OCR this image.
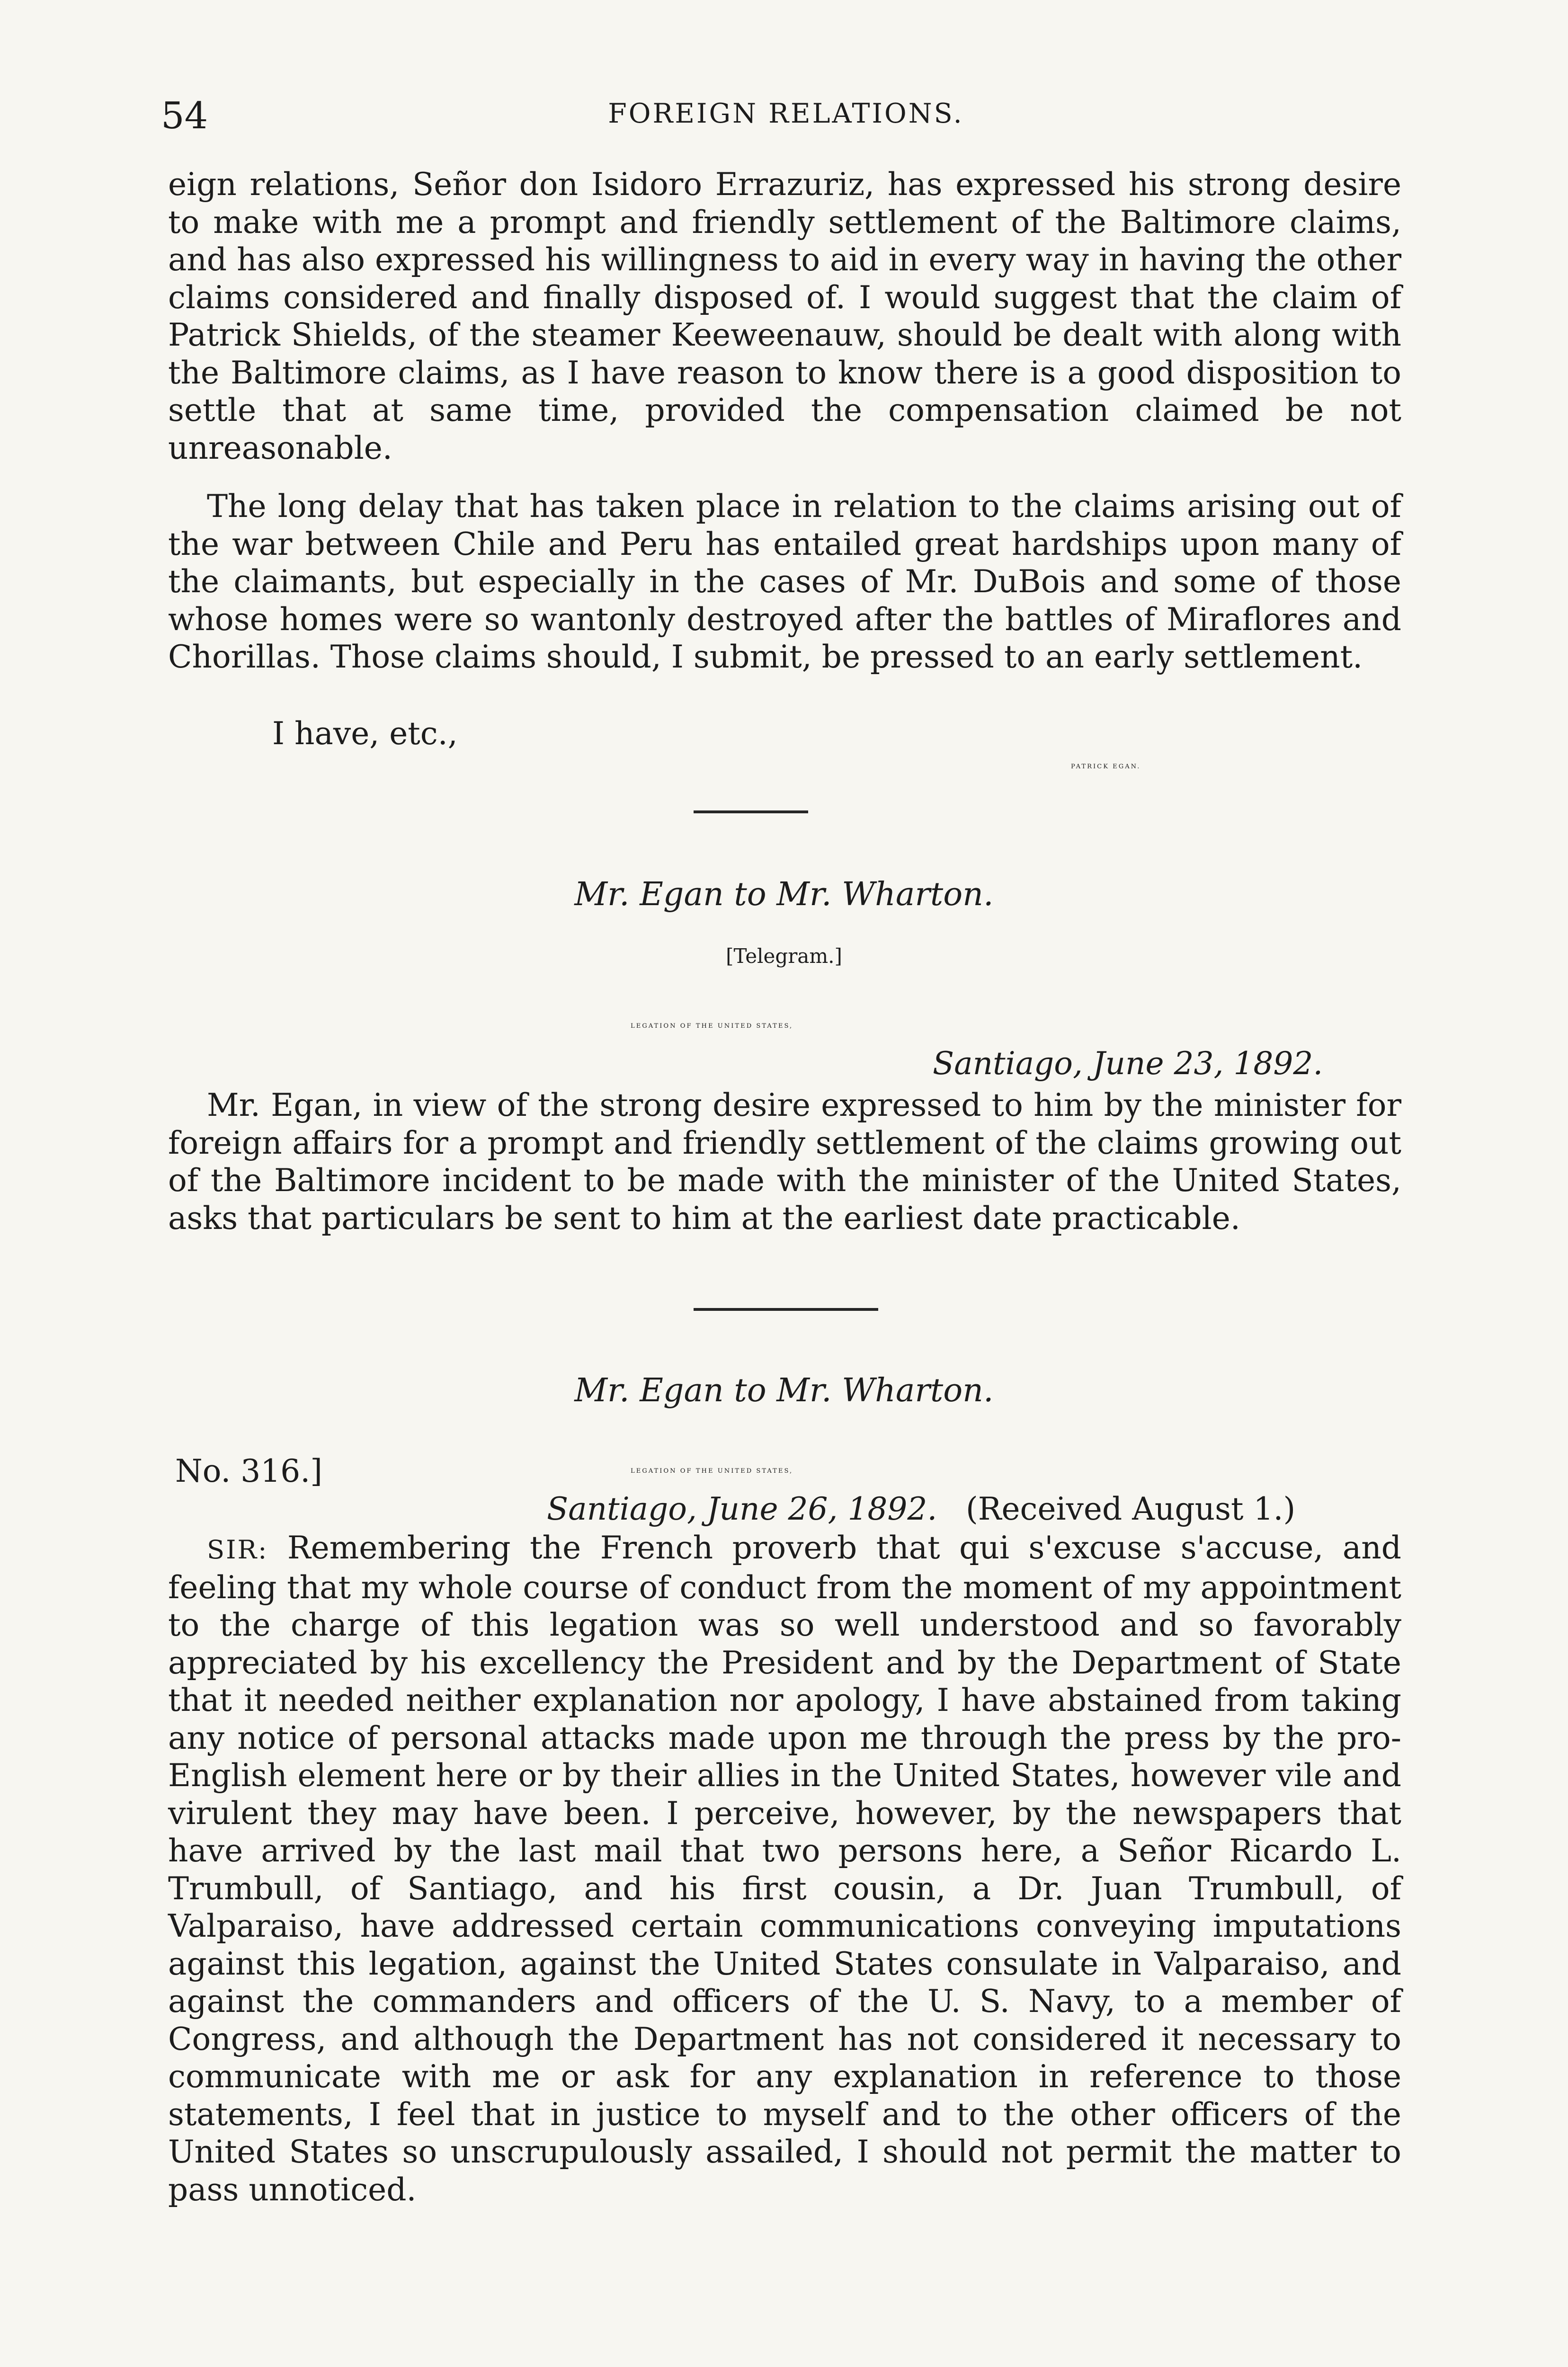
54	FOREIGN RELATIONS.

eign relations, Señor don Isidoro Errazuriz, has expressed his strong desire to make with me a prompt and friendly settlement of the Baltimore claims, and has also expressed his willingness to aid in every way in having the other claims considered and finally disposed of. I would suggest that the claim of Patrick Shields, of the steamer Keeweenauw, should be dealt with along with the Baltimore claims, as I have reason to know there is a good disposition to settle that at same time, provided the compensation claimed be not unreasonable.

The long delay that has taken place in relation to the claims arising out of the war between Chile and Peru has entailed great hardships upon many of the claimants, but especially in the cases of Mr. DuBois and some of those whose homes were so wantonly destroyed after the battles of Miraflores and Chorillas. Those claims should, I submit, be pressed to an early settlement.

I have, etc.,
PATRICK EGAN.
Mr. Egan to Mr. Wharton.
[Telegram.]
LEGATION OF THE UNITED STATES,
Santiago, June 23, 1892.

Mr. Egan, in view of the strong desire expressed to him by the minister for foreign affairs for a prompt and friendly settlement of the claims growing out of the Baltimore incident to be made with the minister of the United States, asks that particulars be sent to him at the earliest date practicable.

Mr. Egan to Mr. Wharton.
No. 316.]	LEGATION OF THE UNITED STATES,
Santiago, June 26, 1892. (Received August 1.)

SIR: Remembering the French proverb that qui s'excuse s'accuse, and feeling that my whole course of conduct from the moment of my appointment to the charge of this legation was so well understood and so favorably appreciated by his excellency the President and by the Department of State that it needed neither explanation nor apology, I have abstained from taking any notice of personal attacks made upon me through the press by the pro-English element here or by their allies in the United States, however vile and virulent they may have been. I perceive, however, by the newspapers that have arrived by the last mail that two persons here, a Señor Ricardo L. Trumbull, of Santiago, and his first cousin, a Dr. Juan Trumbull, of Valparaiso, have addressed certain communications conveying imputations against this legation, against the United States consulate in Valparaiso, and against the commanders and officers of the U. S. Navy, to a member of Congress, and although the Department has not considered it necessary to communicate with me or ask for any explanation in reference to those statements, I feel that in justice to myself and to the other officers of the United States so unscrupulously assailed, I should not permit the matter to pass unnoticed.
